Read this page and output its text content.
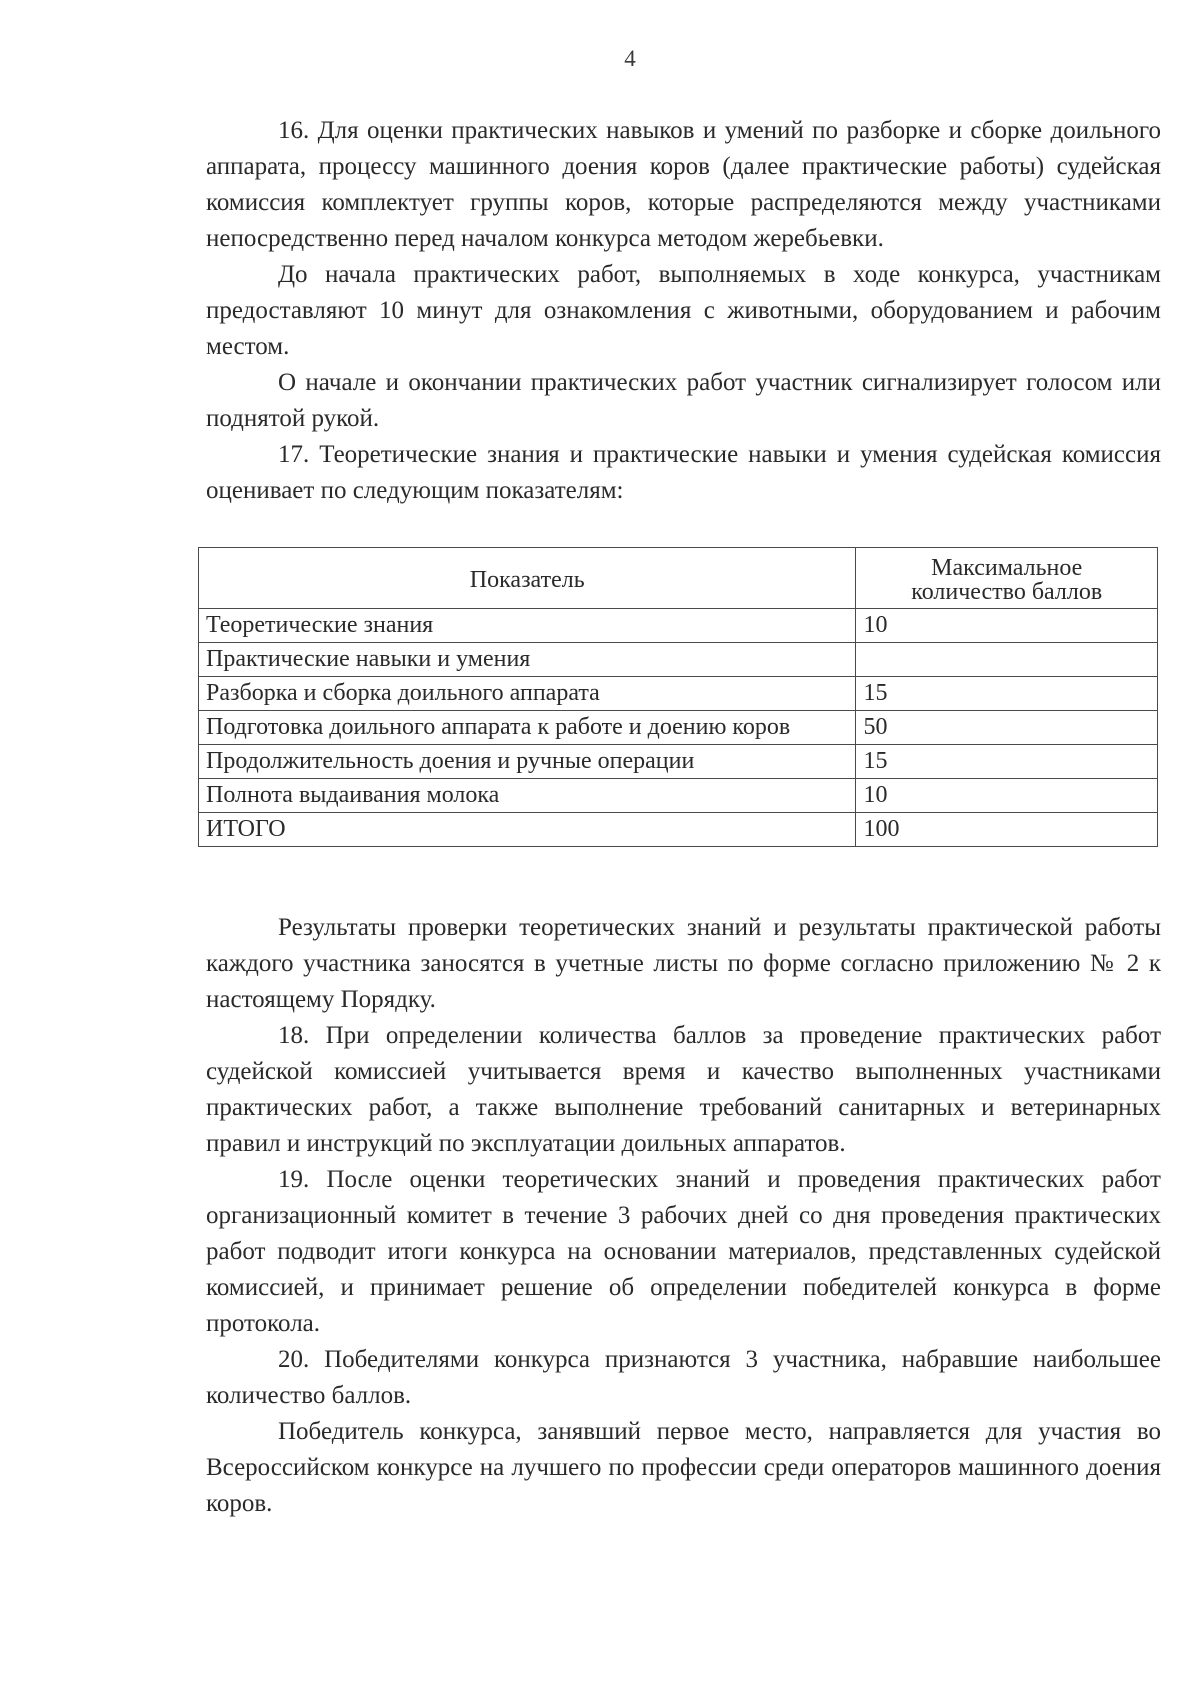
4

16. Для оценки практических навыков и умений по разборке и сборке доильного аппарата, процессу машинного доения коров (далее практические работы) судейская комиссия комплектует группы коров, которые распределяются между участниками непосредственно перед началом конкурса методом жеребьевки.

До начала практических работ, выполняемых в ходе конкурса, участникам предоставляют 10 минут для ознакомления с животными, оборудованием и рабочим местом.

О начале и окончании практических работ участник сигнализирует голосом или поднятой рукой.

17. Теоретические знания и практические навыки и умения судейская комиссия оценивает по следующим показателям:

Показатель	Максимальное
количество баллов
Теоретические знания	10
Практические навыки и умения	
Разборка и сборка доильного аппарата	15
Подготовка доильного аппарата к работе и доению коров	50
Продолжительность доения и ручные операции	15
Полнота выдаивания молока	10
ИТОГО	100

Результаты проверки теоретических знаний и результаты практической работы каждого участника заносятся в учетные листы по форме согласно приложению № 2 к настоящему Порядку.

18. При определении количества баллов за проведение практических работ судейской комиссией учитывается время и качество выполненных участниками практических работ, а также выполнение требований санитарных и ветеринарных правил и инструкций по эксплуатации доильных аппаратов.

19. После оценки теоретических знаний и проведения практических работ организационный комитет в течение 3 рабочих дней со дня проведения практических работ подводит итоги конкурса на основании материалов, представленных судейской комиссией, и принимает решение об определении победителей конкурса в форме протокола.

20. Победителями конкурса признаются 3 участника, набравшие наибольшее количество баллов.

Победитель конкурса, занявший первое место, направляется для участия во Всероссийском конкурсе на лучшего по профессии среди операторов машинного доения коров.
